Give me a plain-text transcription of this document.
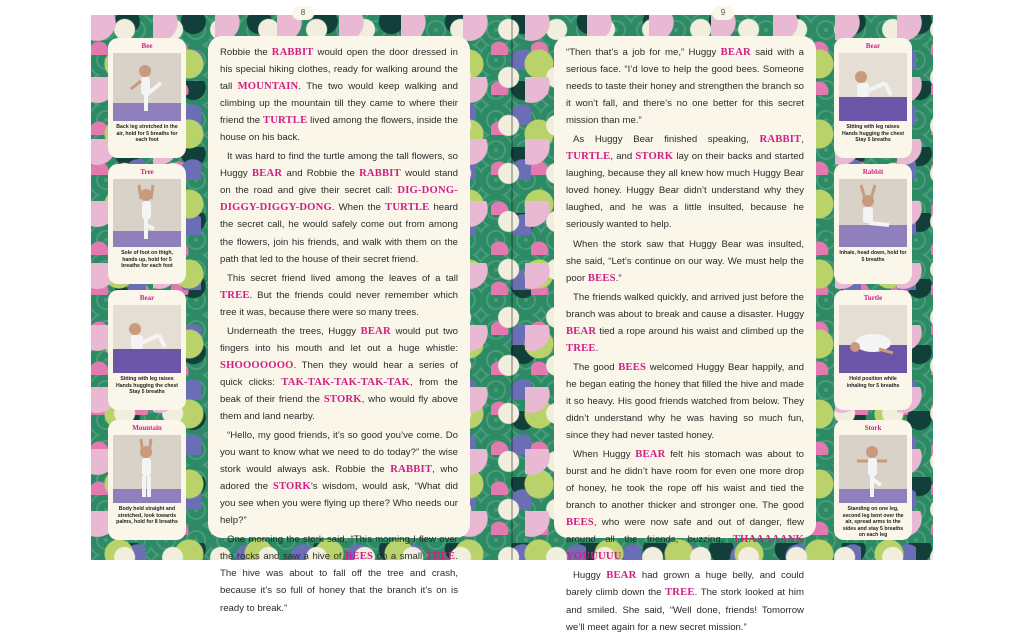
8	9
Bee
Back leg stretched in the air, hold for 5 breaths for each foot
Tree
Sole of foot on thigh, hands up, hold for 5 breaths for each foot
Bear
Sitting with leg raises Hands hugging the chest Stay 5 breaths
Mountain
Body held straight and stretched, look towards palms, hold for 8 breaths
Bear
Sitting with leg raises Hands hugging the chest Stay 5 breaths
Rabbit
Inhale, head down, hold for 5 breaths
Turtle
Hold position while inhaling for 5 breaths
Stork
Standing on one leg, second leg bent over the air, spread arms to the sides and stay 5 breaths on each leg

Robbie the RABBIT would open the door dressed in his special hiking clothes, ready for walking around the tall MOUNTAIN. The two would keep walking and climbing up the mountain till they came to where their friend the TURTLE lived among the flowers, inside the house on his back.

It was hard to find the turtle among the tall flowers, so Huggy BEAR and Robbie the RABBIT would stand on the road and give their secret call: DIG-DONG-DIGGY-DIGGY-DONG. When the TURTLE heard the secret call, he would safely come out from among the flowers, join his friends, and walk with them on the path that led to the house of their secret friend.

This secret friend lived among the leaves of a tall TREE. But the friends could never remember which tree it was, because there were so many trees.

Underneath the trees, Huggy BEAR would put two fingers into his mouth and let out a huge whistle: SHOOOOOOO. Then they would hear a series of quick clicks: TAK-TAK-TAK-TAK-TAK, from the beak of their friend the STORK, who would fly above them and land nearby.

“Hello, my good friends, it’s so good you’ve come. Do you want to know what we need to do today?” the wise stork would always ask. Robbie the RABBIT, who adored the STORK’s wisdom, would ask, “What did you see when you were flying up there? Who needs our help?”

One morning the stork said, “This morning I flew over the rocks and saw a hive of BEES on a small TREE. The hive was about to fall off the tree and crash, because it’s so full of honey that the branch it’s on is ready to break.”

“Then that’s a job for me,” Huggy BEAR said with a serious face. “I’d love to help the good bees. Someone needs to taste their honey and strengthen the branch so it won’t fall, and there’s no one better for this secret mission than me.”

As Huggy Bear finished speaking, RABBIT, TURTLE, and STORK lay on their backs and started laughing, because they all knew how much Huggy Bear loved honey. Huggy Bear didn’t understand why they laughed, and he was a little insulted, because he seriously wanted to help.

When the stork saw that Huggy Bear was insulted, she said, “Let’s continue on our way. We must help the poor BEES.”

The friends walked quickly, and arrived just before the branch was about to break and cause a disaster. Huggy BEAR tied a rope around his waist and climbed up the TREE.

The good BEES welcomed Huggy Bear happily, and he began eating the honey that filled the hive and made it so heavy. His good friends watched from below. They didn’t understand why he was having so much fun, since they had never tasted honey.

When Huggy BEAR felt his stomach was about to burst and he didn’t have room for even one more drop of honey, he took the rope off his waist and tied the branch to another thicker and stronger one. The good BEES, who were now safe and out of danger, flew around all the friends, buzzing, THAAAAANK YOUUUUU.

Huggy BEAR had grown a huge belly, and could barely climb down the TREE. The stork looked at him and smiled. She said, “Well done, friends! Tomorrow we’ll meet again for a new secret mission.”
